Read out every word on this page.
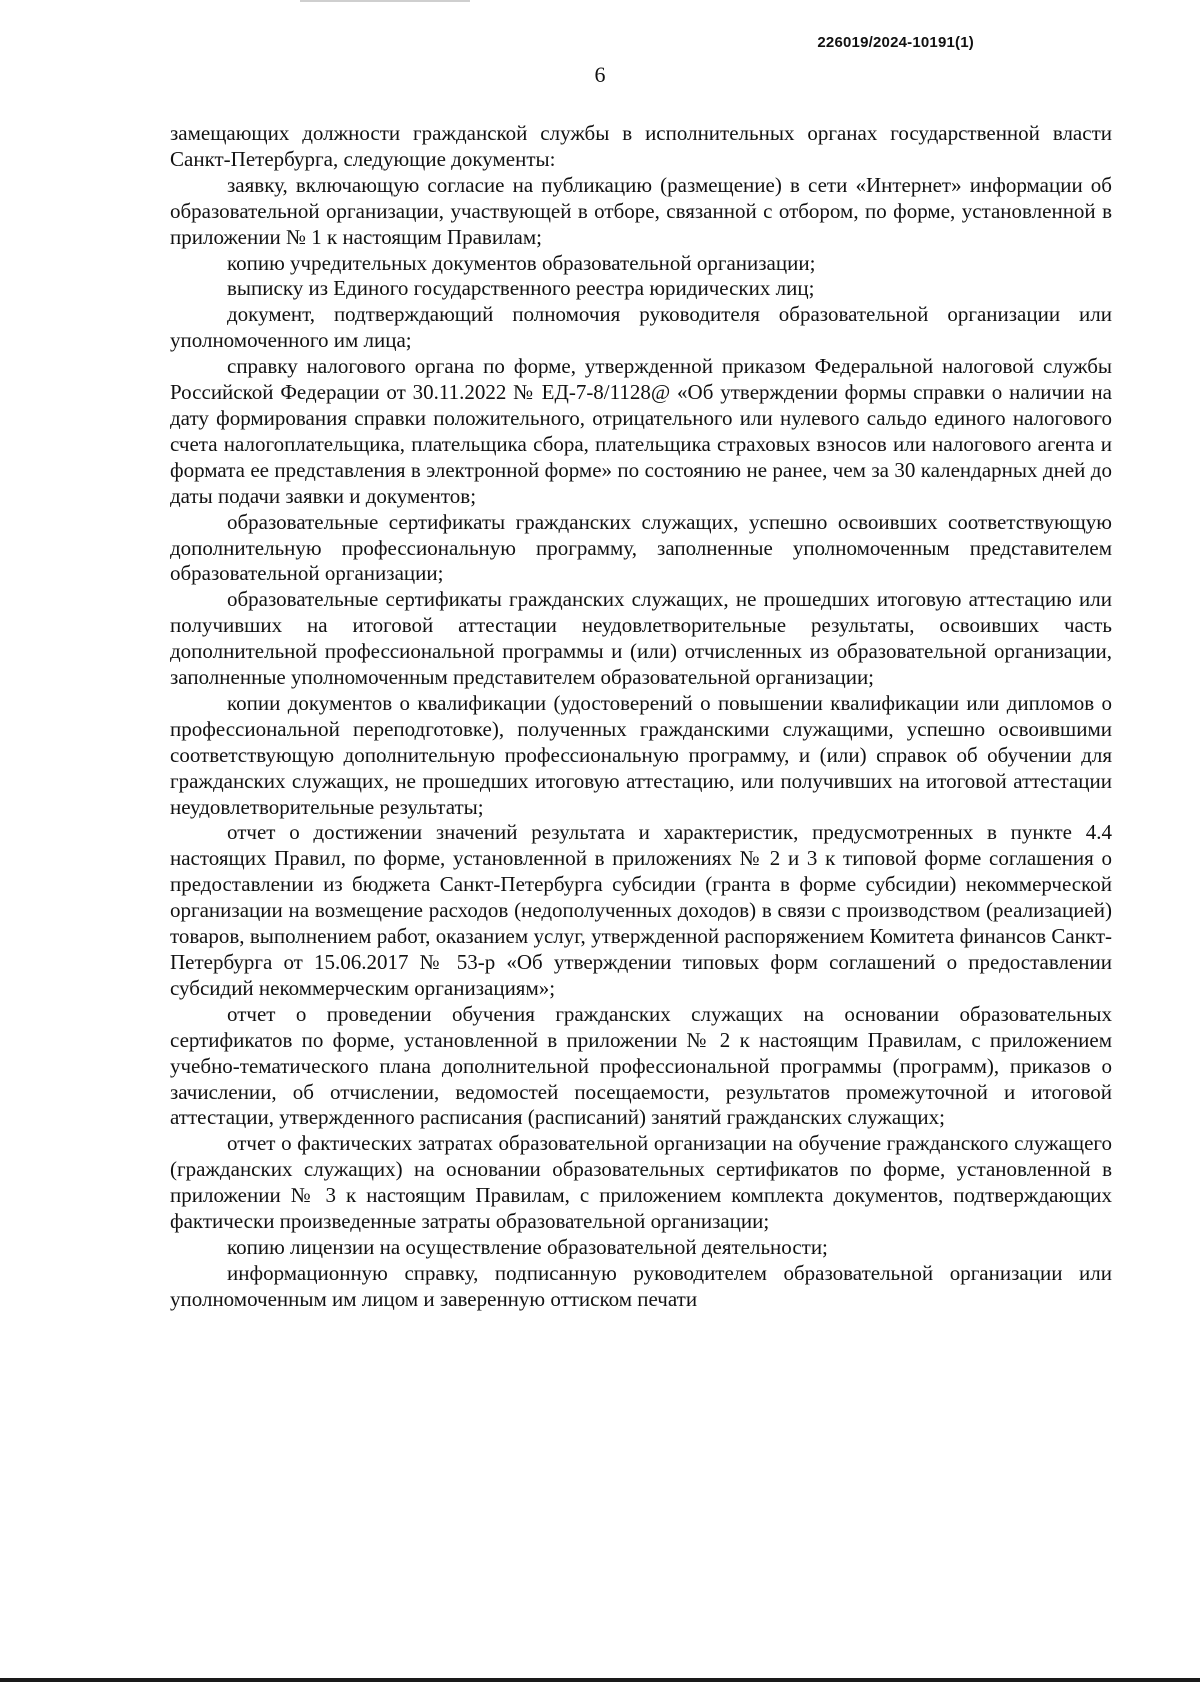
226019/2024-10191(1)
6

замещающих должности гражданской службы в исполнительных органах государственной власти Санкт-Петербурга, следующие документы:

заявку, включающую согласие на публикацию (размещение) в сети «Интернет» информации об образовательной организации, участвующей в отборе, связанной с отбором, по форме, установленной в приложении № 1 к настоящим Правилам;

копию учредительных документов образовательной организации;

выписку из Единого государственного реестра юридических лиц;

документ, подтверждающий полномочия руководителя образовательной организации или уполномоченного им лица;

справку налогового органа по форме, утвержденной приказом Федеральной налоговой службы Российской Федерации от 30.11.2022 № ЕД-7-8/1128@ «Об утверждении формы справки о наличии на дату формирования справки положительного, отрицательного или нулевого сальдо единого налогового счета налогоплательщика, плательщика сбора, плательщика страховых взносов или налогового агента и формата ее представления в электронной форме» по состоянию не ранее, чем за 30 календарных дней до даты подачи заявки и документов;

образовательные сертификаты гражданских служащих, успешно освоивших соответствующую дополнительную профессиональную программу, заполненные уполномоченным представителем образовательной организации;

образовательные сертификаты гражданских служащих, не прошедших итоговую аттестацию или получивших на итоговой аттестации неудовлетворительные результаты, освоивших часть дополнительной профессиональной программы и (или) отчисленных из образовательной организации, заполненные уполномоченным представителем образовательной организации;

копии документов о квалификации (удостоверений о повышении квалификации или дипломов о профессиональной переподготовке), полученных гражданскими служащими, успешно освоившими соответствующую дополнительную профессиональную программу, и (или) справок об обучении для гражданских служащих, не прошедших итоговую аттестацию, или получивших на итоговой аттестации неудовлетворительные результаты;

отчет о достижении значений результата и характеристик, предусмотренных в пункте 4.4 настоящих Правил, по форме, установленной в приложениях № 2 и 3 к типовой форме соглашения о предоставлении из бюджета Санкт-Петербурга субсидии (гранта в форме субсидии) некоммерческой организации на возмещение расходов (недополученных доходов) в связи с производством (реализацией) товаров, выполнением работ, оказанием услуг, утвержденной распоряжением Комитета финансов Санкт-Петербурга от 15.06.2017 № 53-р «Об утверждении типовых форм соглашений о предоставлении субсидий некоммерческим организациям»;

отчет о проведении обучения гражданских служащих на основании образовательных сертификатов по форме, установленной в приложении № 2 к настоящим Правилам, с приложением учебно-тематического плана дополнительной профессиональной программы (программ), приказов о зачислении, об отчислении, ведомостей посещаемости, результатов промежуточной и итоговой аттестации, утвержденного расписания (расписаний) занятий гражданских служащих;

отчет о фактических затратах образовательной организации на обучение гражданского служащего (гражданских служащих) на основании образовательных сертификатов по форме, установленной в приложении № 3 к настоящим Правилам, с приложением комплекта документов, подтверждающих фактически произведенные затраты образовательной организации;

копию лицензии на осуществление образовательной деятельности;

информационную справку, подписанную руководителем образовательной организации или уполномоченным им лицом и заверенную оттиском печати
